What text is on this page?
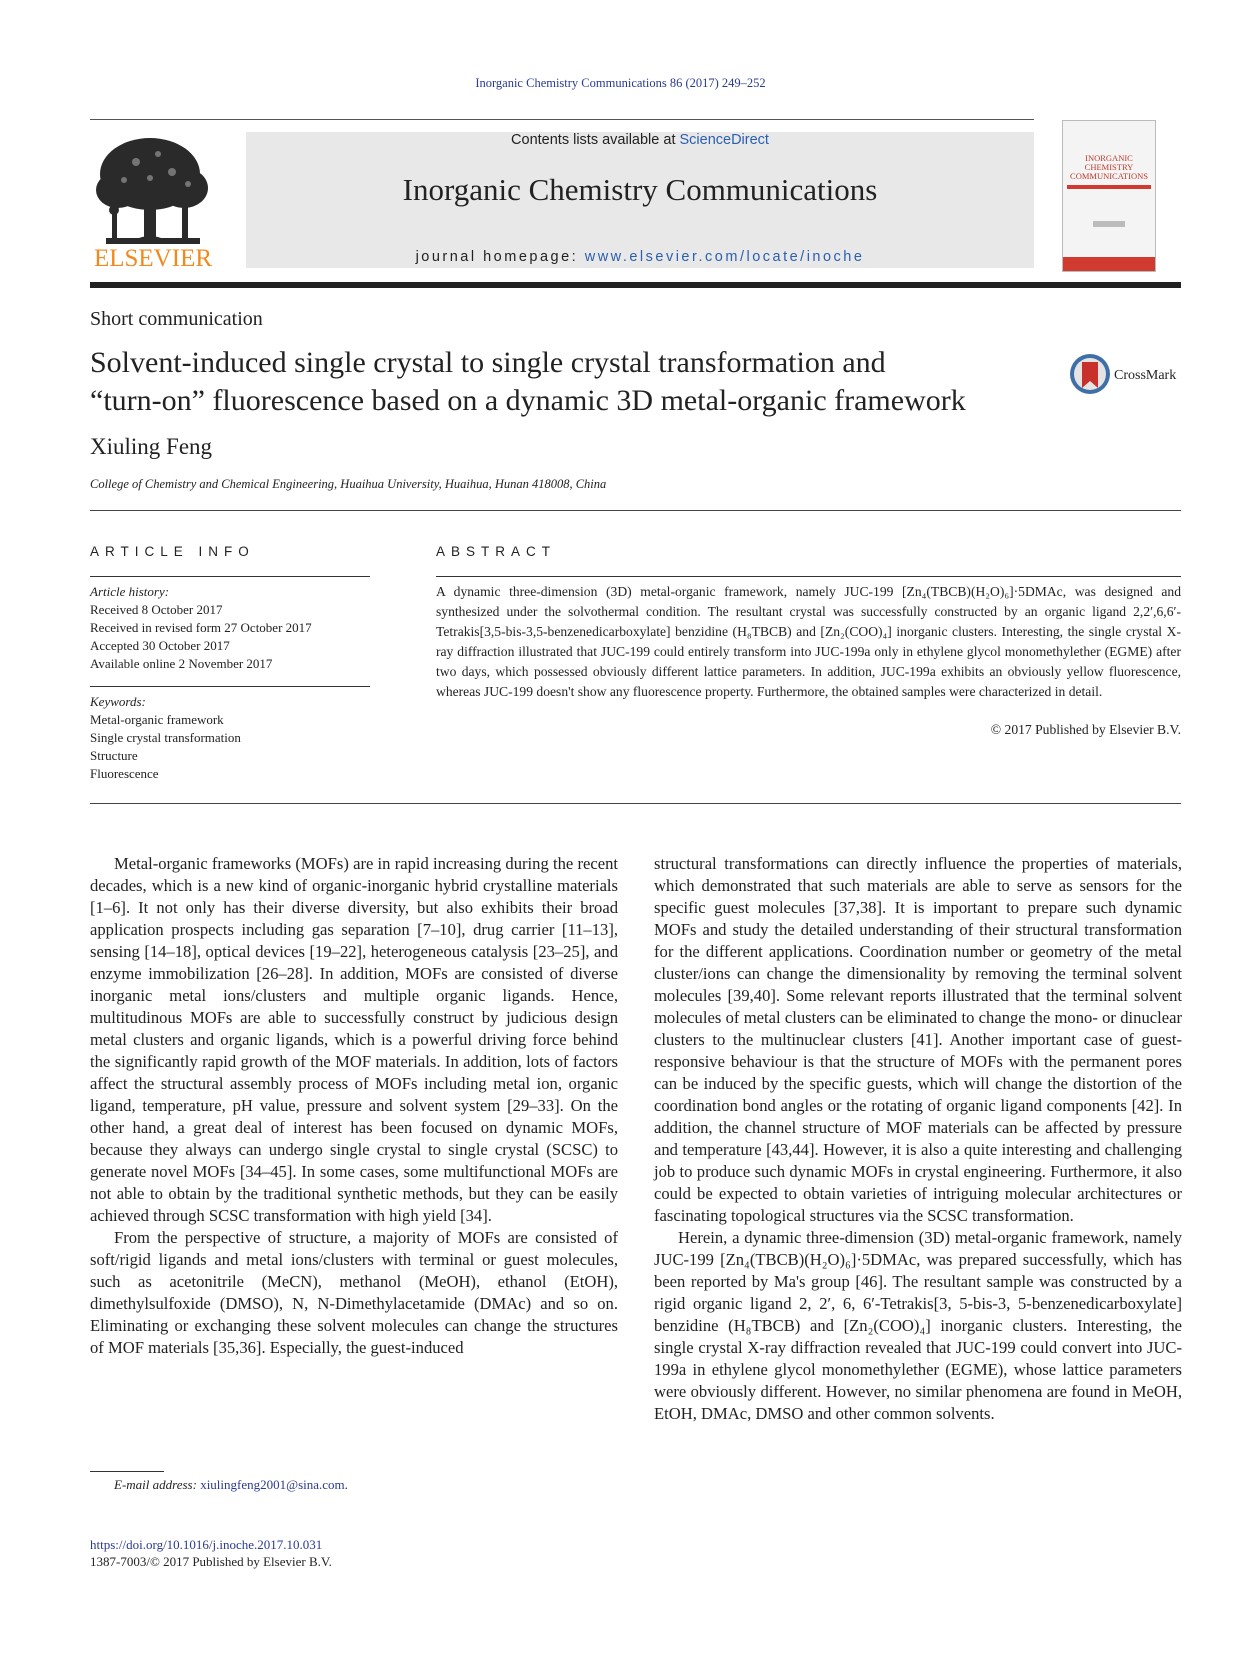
Inorganic Chemistry Communications 86 (2017) 249–252
ELSEVIER
Contents lists available at ScienceDirect
Inorganic Chemistry Communications
journal homepage: www.elsevier.com/locate/inoche
INORGANIC
CHEMISTRY
COMMUNICATIONS
Short communication
Solvent-induced single crystal to single crystal transformation and
“turn-on” fluorescence based on a dynamic 3D metal-organic framework
CrossMark
Xiuling Feng
College of Chemistry and Chemical Engineering, Huaihua University, Huaihua, Hunan 418008, China
ARTICLE INFO	ABSTRACT
Article history:
Received 8 October 2017
Received in revised form 27 October 2017
Accepted 30 October 2017
Available online 2 November 2017
Keywords:
Metal-organic framework
Single crystal transformation
Structure
Fluorescence
A dynamic three-dimension (3D) metal-organic framework, namely JUC-199 [Zn₄(TBCB)(H₂O)₆]·5DMAc, was designed and synthesized under the solvothermal condition. The resultant crystal was successfully constructed by an organic ligand 2,2′,6,6′-Tetrakis[3,5-bis-3,5-benzenedicarboxylate] benzidine (H₈TBCB) and [Zn₂(COO)₄] inorganic clusters. Interesting, the single crystal X-ray diffraction illustrated that JUC-199 could entirely transform into JUC-199a only in ethylene glycol monomethylether (EGME) after two days, which possessed obviously different lattice parameters. In addition, JUC-199a exhibits an obviously yellow fluorescence, whereas JUC-199 doesn't show any fluorescence property. Furthermore, the obtained samples were characterized in detail.
© 2017 Published by Elsevier B.V.

Metal-organic frameworks (MOFs) are in rapid increasing during the recent decades, which is a new kind of organic-inorganic hybrid crystalline materials [1–6]. It not only has their diverse diversity, but also exhibits their broad application prospects including gas separation [7–10], drug carrier [11–13], sensing [14–18], optical devices [19–22], heterogeneous catalysis [23–25], and enzyme immobilization [26–28]. In addition, MOFs are consisted of diverse inorganic metal ions/clusters and multiple organic ligands. Hence, multitudinous MOFs are able to successfully construct by judicious design metal clusters and organic ligands, which is a powerful driving force behind the significantly rapid growth of the MOF materials. In addition, lots of factors affect the structural assembly process of MOFs including metal ion, organic ligand, temperature, pH value, pressure and solvent system [29–33]. On the other hand, a great deal of interest has been focused on dynamic MOFs, because they always can undergo single crystal to single crystal (SCSC) to generate novel MOFs [34–45]. In some cases, some multifunctional MOFs are not able to obtain by the traditional synthetic methods, but they can be easily achieved through SCSC transformation with high yield [34].

From the perspective of structure, a majority of MOFs are consisted of soft/rigid ligands and metal ions/clusters with terminal or guest molecules, such as acetonitrile (MeCN), methanol (MeOH), ethanol (EtOH), dimethylsulfoxide (DMSO), N, N-Dimethylacetamide (DMAc) and so on. Eliminating or exchanging these solvent molecules can change the structures of MOF materials [35,36]. Especially, the guest-induced

structural transformations can directly influence the properties of materials, which demonstrated that such materials are able to serve as sensors for the specific guest molecules [37,38]. It is important to prepare such dynamic MOFs and study the detailed understanding of their structural transformation for the different applications. Coordination number or geometry of the metal cluster/ions can change the dimensionality by removing the terminal solvent molecules [39,40]. Some relevant reports illustrated that the terminal solvent molecules of metal clusters can be eliminated to change the mono- or dinuclear clusters to the multinuclear clusters [41]. Another important case of guest-responsive behaviour is that the structure of MOFs with the permanent pores can be induced by the specific guests, which will change the distortion of the coordination bond angles or the rotating of organic ligand components [42]. In addition, the channel structure of MOF materials can be affected by pressure and temperature [43,44]. However, it is also a quite interesting and challenging job to produce such dynamic MOFs in crystal engineering. Furthermore, it also could be expected to obtain varieties of intriguing molecular architectures or fascinating topological structures via the SCSC transformation.

Herein, a dynamic three-dimension (3D) metal-organic framework, namely JUC-199 [Zn₄(TBCB)(H₂O)₆]·5DMAc, was prepared successfully, which has been reported by Ma's group [46]. The resultant sample was constructed by a rigid organic ligand 2, 2′, 6, 6′-Tetrakis[3, 5-bis-3, 5-benzenedicarboxylate] benzidine (H₈TBCB) and [Zn₂(COO)₄] inorganic clusters. Interesting, the single crystal X-ray diffraction revealed that JUC-199 could convert into JUC-199a in ethylene glycol monomethylether (EGME), whose lattice parameters were obviously different. However, no similar phenomena are found in MeOH, EtOH, DMAc, DMSO and other common solvents.

E-mail address: xiulingfeng2001@sina.com.
https://doi.org/10.1016/j.inoche.2017.10.031
1387-7003/© 2017 Published by Elsevier B.V.
